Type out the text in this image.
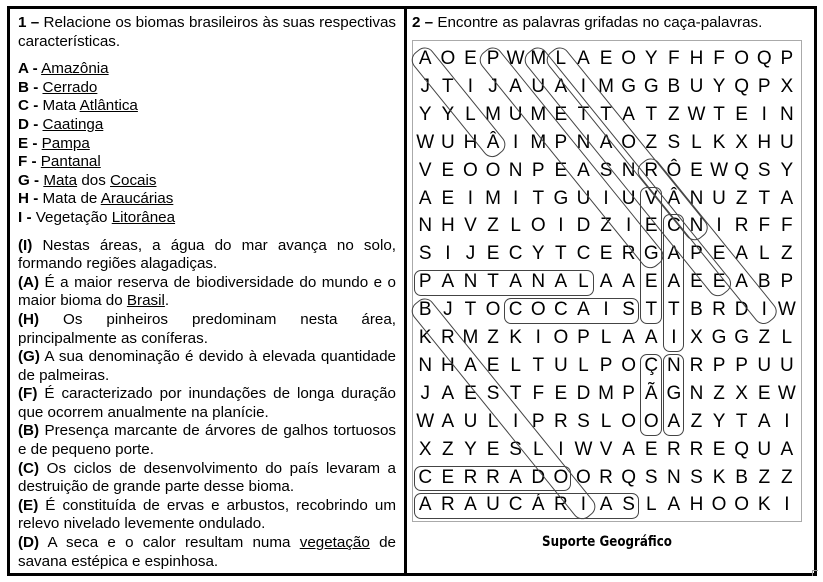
1 – Relacione os biomas brasileiros às suas respectivas características.

A - Amazônia
B - Cerrado
C - Mata Atlântica
D - Caatinga
E - Pampa
F - Pantanal
G - Mata dos Cocais
H - Mata de Araucárias
I - Vegetação Litorânea

(I) Nestas áreas, a água do mar avança no solo, formando regiões alagadiças.

(A) É a maior reserva de biodiversidade do mundo e o maior bioma do Brasil.

(H) Os pinheiros predominam nesta área, principalmente as coníferas.

(G) A sua denominação é devido à elevada quantidade de palmeiras.

(F) É caracterizado por inundações de longa duração que ocorrem anualmente na planície.

(B) Presença marcante de árvores de galhos tortuosos e de pequeno porte.

(C) Os ciclos de desenvolvimento do país levaram a destruição de grande parte desse bioma.

(E) É constituída de ervas e arbustos, recobrindo um relevo nivelado levemente ondulado.

(D) A seca e o calor resultam numa vegetação de savana estépica e espinhosa.

2 – Encontre as palavras grifadas no caça-palavras.
A O E P W M L A E O Y F H F O Q P
J T I J A U A I M G G B U Y Q P X
Y Y L M U M E T T A T Z W T E I N
W U H Â I M P N A O Z S L K X H U
V E O O N P E A S N R Ô E W Q S Y
A E I M I T G U I U V Â N U Z T A
N H V Z L O I D Z I E C N I R F F
S I J E C Y T C E R G A P E A L Z
P A N T A N A L A A E A E E A B P
B J T O C O C A I S T T B R D I W
K R M Z K I O P L A A I X G G Z L
N H A E L T U L P O Ç N R P P U U
J A E S T F E D M P Ã G N Z X E W
W A U L I P R S L O O A Z Y T A I
X Z Y E S L I W V A E R R E Q U A
C E R R A D O O R Q S N S K B Z Z
A R A U C Á R I A S L A H O O K I
Suporte Geográfico
